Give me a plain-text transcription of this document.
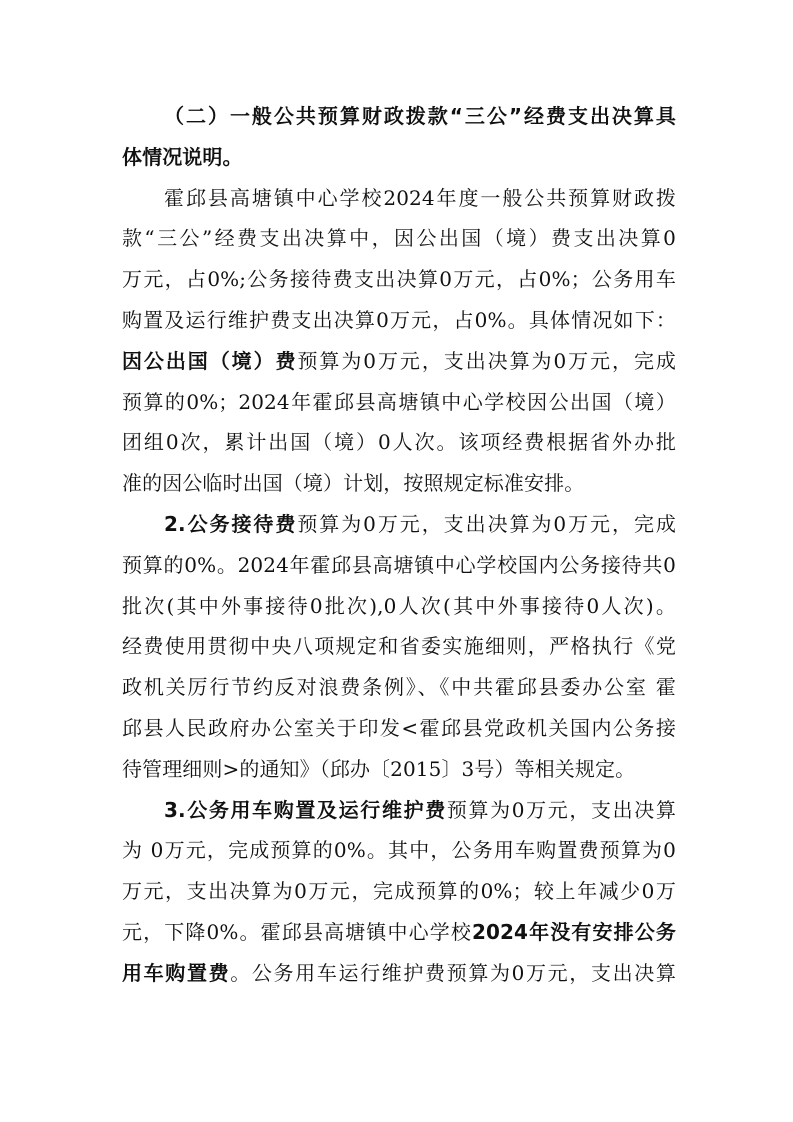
（二）一般公共预算财政拨款“三公”经费支出决算具
体情况说明。
霍邱县高塘镇中心学校2024年度一般公共预算财政拨
款“三公”经费支出决算中，因公出国（境）费支出决算0
万元，占0%;公务接待费支出决算0万元，占0%；公务用车
购置及运行维护费支出决算0万元，占0%。具体情况如下：
因公出国（境）费预算为0万元，支出决算为0万元，完成
预算的0%；2024年霍邱县高塘镇中心学校因公出国（境）
团组0次，累计出国（境）0人次。该项经费根据省外办批
准的因公临时出国（境）计划，按照规定标准安排。
2.公务接待费预算为0万元，支出决算为0万元，完成
预算的0%。2024年霍邱县高塘镇中心学校国内公务接待共0
批次(其中外事接待0批次),0人次(其中外事接待0人次)。
经费使用贯彻中央八项规定和省委实施细则，严格执行《党
政机关厉行节约反对浪费条例》、《中共霍邱县委办公室 霍
邱县人民政府办公室关于印发<霍邱县党政机关国内公务接
待管理细则>的通知》（邱办〔2015〕3号）等相关规定。
3.公务用车购置及运行维护费预算为0万元，支出决算
为 0万元，完成预算的0%。其中，公务用车购置费预算为0
万元，支出决算为0万元，完成预算的0%；较上年减少0万
元，下降0%。霍邱县高塘镇中心学校2024年没有安排公务
用车购置费。公务用车运行维护费预算为0万元，支出决算
